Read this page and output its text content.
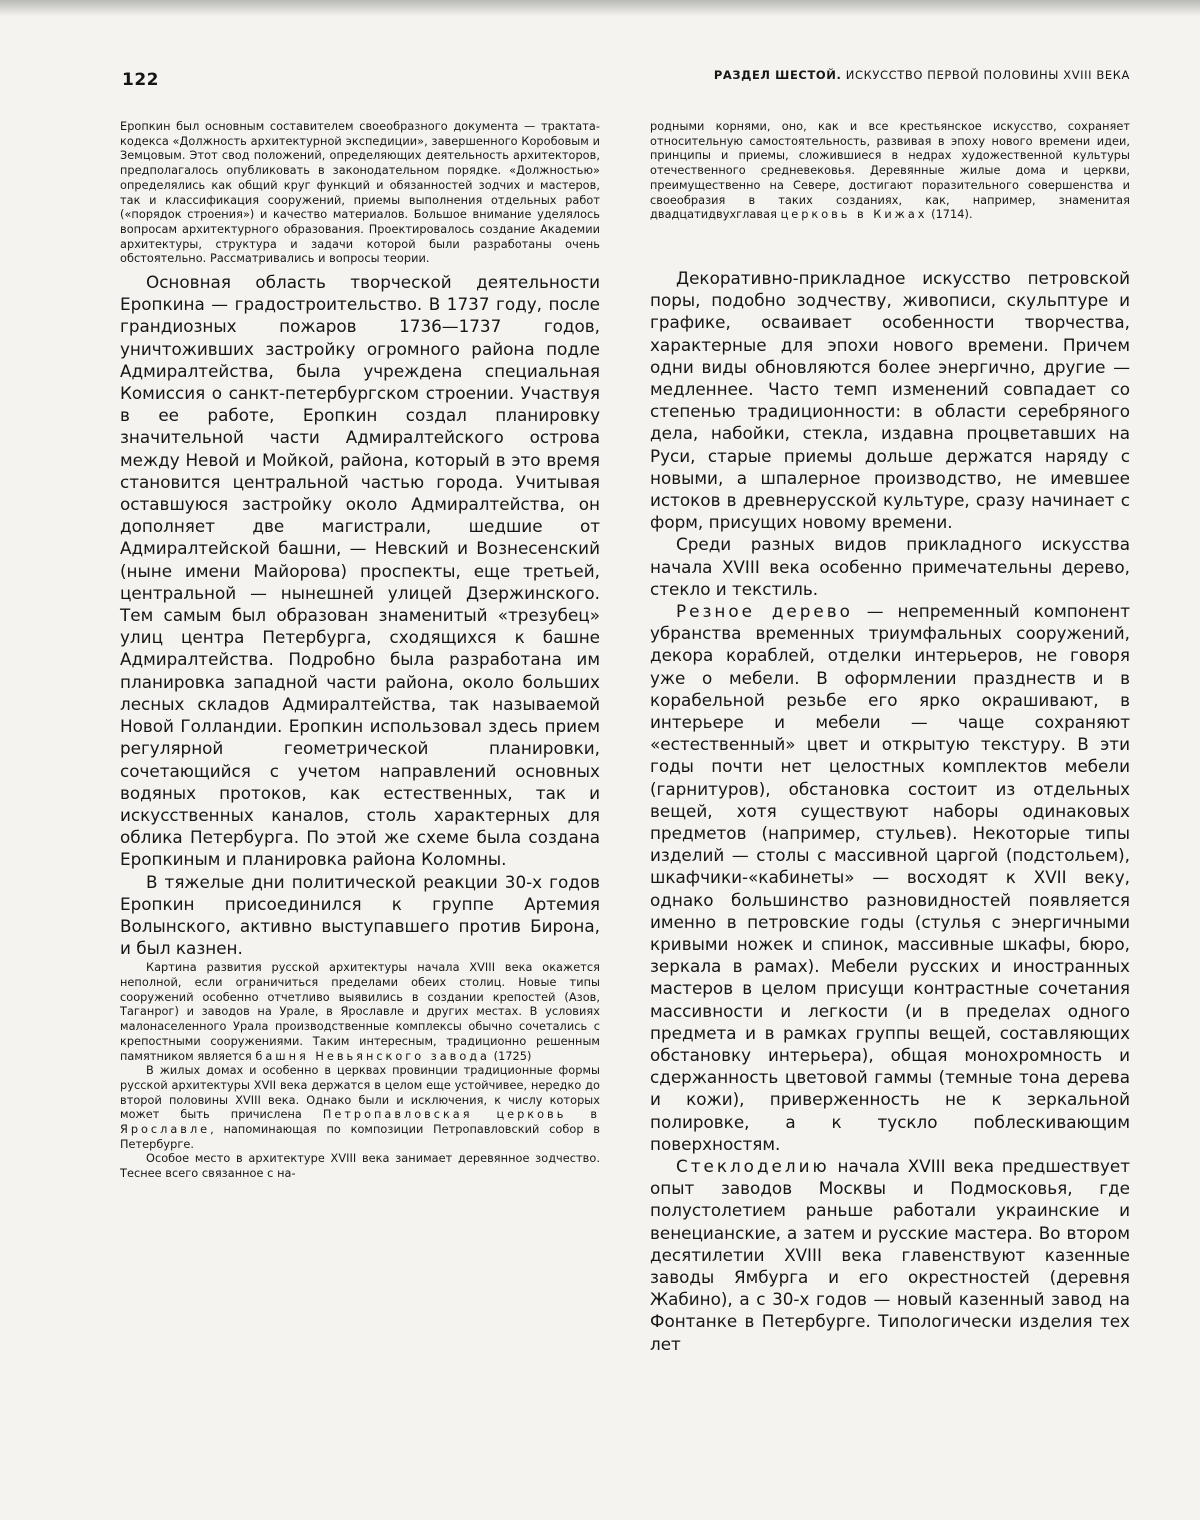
122	РАЗДЕЛ ШЕСТОЙ. ИСКУССТВО ПЕРВОЙ ПОЛОВИНЫ XVIII ВЕКА

Еропкин был основным составителем своеобразного документа — трактата-кодекса «Должность архитектурной экспедиции», завершенного Коробовым и Земцовым. Этот свод положений, определяющих деятельность архитекторов, предполагалось опубликовать в законодательном порядке. «Должностью» определялись как общий круг функций и обязанностей зодчих и мастеров, так и классификация сооружений, приемы выполнения отдельных работ («порядок строения») и качество материалов. Большое внимание уделялось вопросам архитектурного образования. Проектировалось создание Академии архитектуры, структура и задачи которой были разработаны очень обстоятельно. Рассматривались и вопросы теории.

Основная область творческой деятельности Еропкина — градостроительство. В 1737 году, после грандиозных пожаров 1736—1737 годов, уничтоживших застройку огромного района подле Адмиралтейства, была учреждена специальная Комиссия о санкт-петербургском строении. Участвуя в ее работе, Еропкин создал планировку значительной части Адмиралтейского острова между Невой и Мойкой, района, который в это время становится центральной частью города. Учитывая оставшуюся застройку около Адмиралтейства, он дополняет две магистрали, шедшие от Адмиралтейской башни, — Невский и Вознесенский (ныне имени Майорова) проспекты, еще третьей, центральной — нынешней улицей Дзержинского. Тем самым был образован знаменитый «трезубец» улиц центра Петербурга, сходящихся к башне Адмиралтейства. Подробно была разработана им планировка западной части района, около больших лесных складов Адмиралтейства, так называемой Новой Голландии. Еропкин использовал здесь прием регулярной геометрической планировки, сочетающийся с учетом направлений основных водяных протоков, как естественных, так и искусственных каналов, столь характерных для облика Петербурга. По этой же схеме была создана Еропкиным и планировка района Коломны.

В тяжелые дни политической реакции 30-х годов Еропкин присоединился к группе Артемия Волынского, активно выступавшего против Бирона, и был казнен.

Картина развития русской архитектуры начала XVIII века окажется неполной, если ограничиться пределами обеих столиц. Новые типы сооружений особенно отчетливо выявились в создании крепостей (Азов, Таганрог) и заводов на Урале, в Ярославле и других местах. В условиях малонаселенного Урала производственные комплексы обычно сочетались с крепостными сооружениями. Таким интересным, традиционно решенным памятником является башня Невьянского завода (1725)

В жилых домах и особенно в церквах провинции традиционные формы русской архитектуры XVII века держатся в целом еще устойчивее, нередко до второй половины XVIII века. Однако были и исключения, к числу которых может быть причислена Петропавловская церковь в Ярославле, напоминающая по композиции Петропавловский собор в Петербурге.

Особое место в архитектуре XVIII века занимает деревянное зодчество. Теснее всего связанное с на-

родными корнями, оно, как и все крестьянское искусство, сохраняет относительную самостоятельность, развивая в эпоху нового времени идеи, принципы и приемы, сложившиеся в недрах художественной культуры отечественного средневековья. Деревянные жилые дома и церкви, преимущественно на Севере, достигают поразительного совершенства и своеобразия в таких созданиях, как, например, знаменитая двадцатидвухглавая церковь в Кижах (1714).

Декоративно-прикладное искусство петровской поры, подобно зодчеству, живописи, скульптуре и графике, осваивает особенности творчества, характерные для эпохи нового времени. Причем одни виды обновляются более энергично, другие — медленнее. Часто темп изменений совпадает со степенью традиционности: в области серебряного дела, набойки, стекла, издавна процветавших на Руси, старые приемы дольше держатся наряду с новыми, а шпалерное производство, не имевшее истоков в древнерусской культуре, сразу начинает с форм, присущих новому времени.

Среди разных видов прикладного искусства начала XVIII века особенно примечательны дерево, стекло и текстиль.

Резное дерево — непременный компонент убранства временных триумфальных сооружений, декора кораблей, отделки интерьеров, не говоря уже о мебели. В оформлении празднеств и в корабельной резьбе его ярко окрашивают, в интерьере и мебели — чаще сохраняют «естественный» цвет и открытую текстуру. В эти годы почти нет целостных комплектов мебели (гарнитуров), обстановка состоит из отдельных вещей, хотя существуют наборы одинаковых предметов (например, стульев). Некоторые типы изделий — столы с массивной царгой (подстольем), шкафчики-«кабинеты» — восходят к XVII веку, однако большинство разновидностей появляется именно в петровские годы (стулья с энергичными кривыми ножек и спинок, массивные шкафы, бюро, зеркала в рамах). Мебели русских и иностранных мастеров в целом присущи контрастные сочетания массивности и легкости (и в пределах одного предмета и в рамках группы вещей, составляющих обстановку интерьера), общая монохромность и сдержанность цветовой гаммы (темные тона дерева и кожи), приверженность не к зеркальной полировке, а к тускло поблескивающим поверхностям.

Стеклоделию начала XVIII века предшествует опыт заводов Москвы и Подмосковья, где полустолетием раньше работали украинские и венецианские, а затем и русские мастера. Во втором десятилетии XVIII века главенствуют казенные заводы Ямбурга и его окрестностей (деревня Жабино), а с 30-х годов — новый казенный завод на Фонтанке в Петербурге. Типологически изделия тех лет
